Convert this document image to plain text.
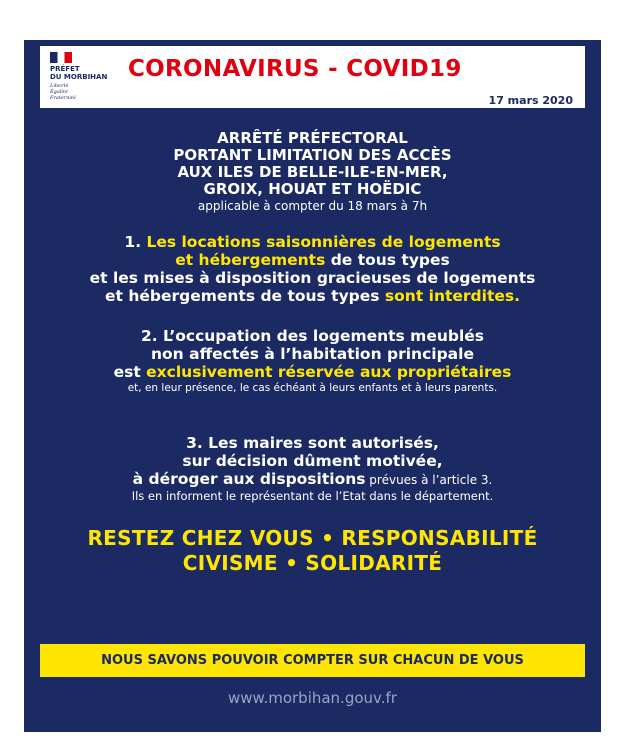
PRÉFET
DU MORBIHAN
Liberté
Égalité
Fraternité
CORONAVIRUS - COVID19
17 mars 2020
ARRÊTÉ PRÉFECTORAL
PORTANT LIMITATION DES ACCÈS
AUX ILES DE BELLE-ILE-EN-MER,
GROIX, HOUAT ET HOËDIC
applicable à compter du 18 mars à 7h
1. Les locations saisonnières de logements
et hébergements de tous types
et les mises à disposition gracieuses de logements
et hébergements de tous types sont interdites.
2. L’occupation des logements meublés
non affectés à l’habitation principale
est exclusivement réservée aux propriétaires
et, en leur présence, le cas échéant à leurs enfants et à leurs parents.
3. Les maires sont autorisés,
sur décision dûment motivée,
à déroger aux dispositions prévues à l’article 3.
Ils en informent le représentant de l’Etat dans le département.
RESTEZ CHEZ VOUS • RESPONSABILITÉ
CIVISME • SOLIDARITÉ
NOUS SAVONS POUVOIR COMPTER SUR CHACUN DE VOUS
www.morbihan.gouv.fr
